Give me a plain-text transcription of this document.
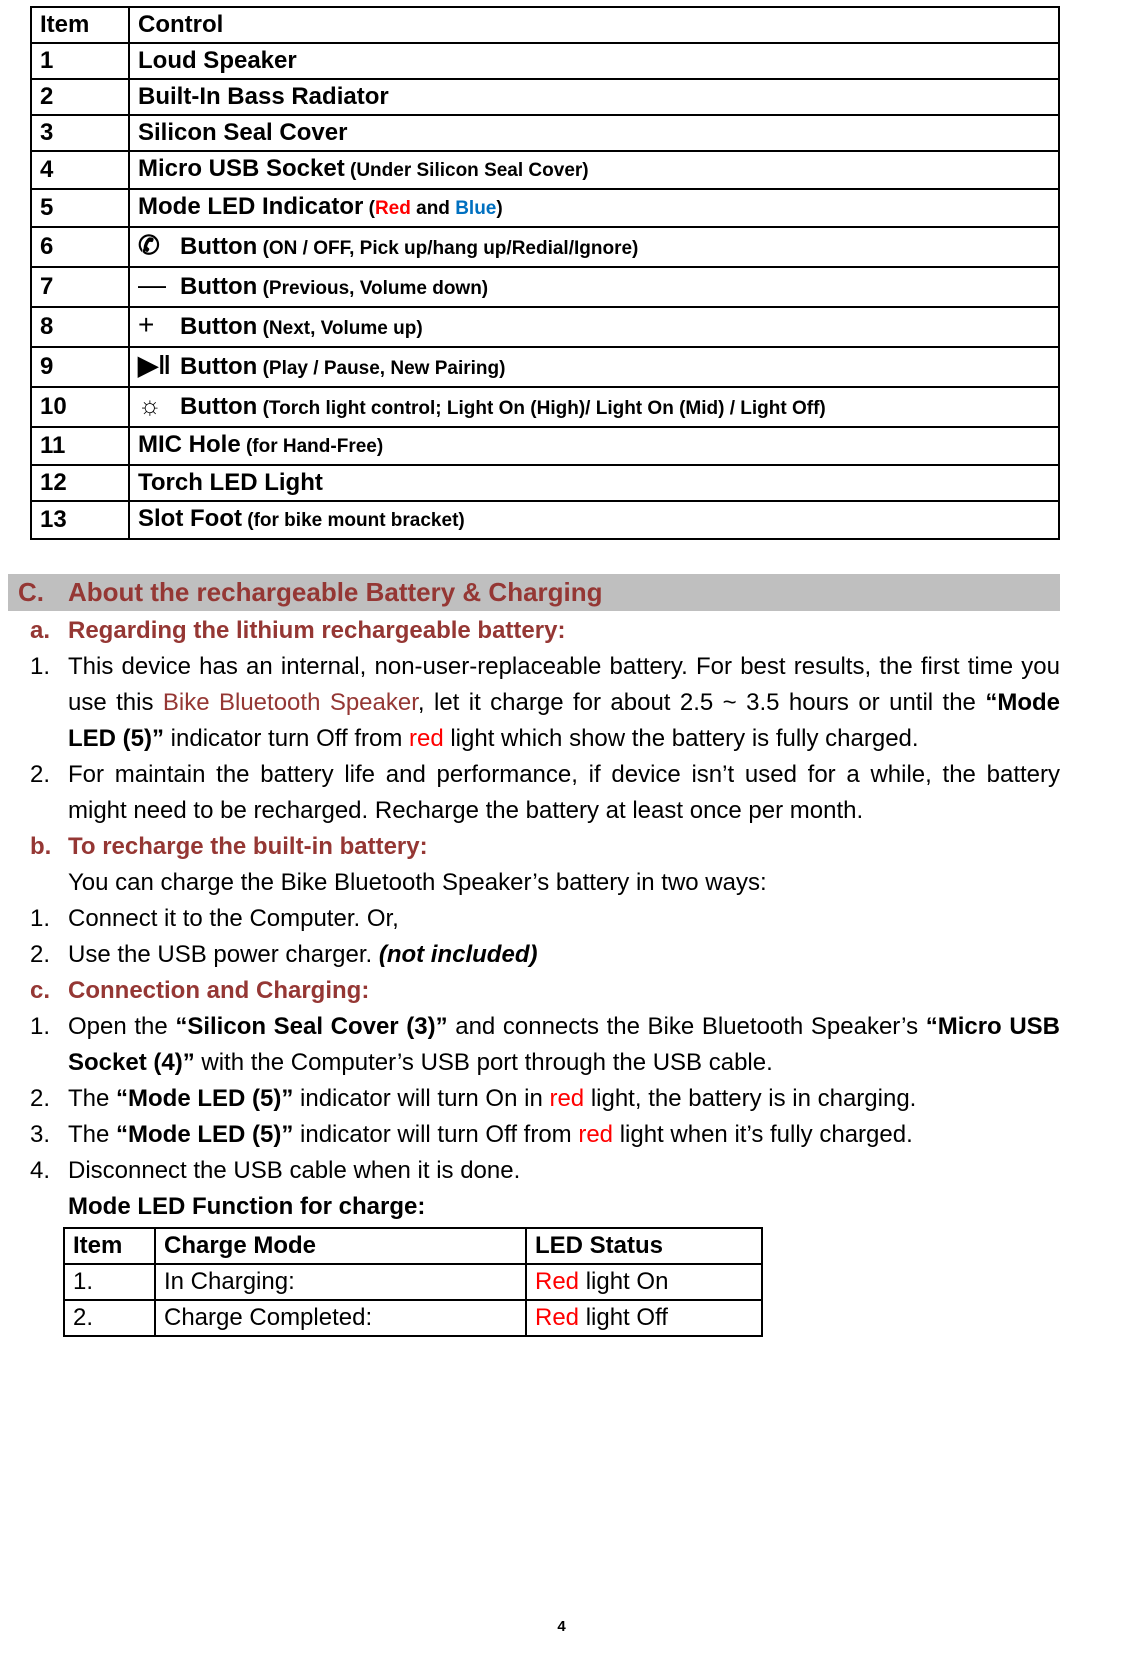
Item	Control
1	Loud Speaker
2	Built-In Bass Radiator
3	Silicon Seal Cover
4	Micro USB Socket (Under Silicon Seal Cover)
5	Mode LED Indicator (Red and Blue)
6	✆ Button (ON / OFF, Pick up/hang up/Redial/Ignore)
7	— Button (Previous, Volume down)
8	+ Button (Next, Volume up)
9	▶‖ Button (Play / Pause, New Pairing)
10	☼ Button (Torch light control; Light On (High)/ Light On (Mid) / Light Off)
11	MIC Hole (for Hand-Free)
12	Torch LED Light
13	Slot Foot (for bike mount bracket)
C. About the rechargeable Battery & Charging
a. Regarding the lithium rechargeable battery:
1. This device has an internal, non-user-replaceable battery. For best results, the first time you use this Bike Bluetooth Speaker, let it charge for about 2.5 ~ 3.5 hours or until the “Mode LED (5)” indicator turn Off from red light which show the battery is fully charged.
2. For maintain the battery life and performance, if device isn’t used for a while, the battery might need to be recharged. Recharge the battery at least once per month.
b. To recharge the built-in battery:
You can charge the Bike Bluetooth Speaker’s battery in two ways:
1. Connect it to the Computer. Or,
2. Use the USB power charger. (not included)
c. Connection and Charging:
1. Open the “Silicon Seal Cover (3)” and connects the Bike Bluetooth Speaker’s “Micro USB Socket (4)” with the Computer’s USB port through the USB cable.
2. The “Mode LED (5)” indicator will turn On in red light, the battery is in charging.
3. The “Mode LED (5)” indicator will turn Off from red light when it’s fully charged.
4. Disconnect the USB cable when it is done.
Mode LED Function for charge:
Item	Charge Mode	LED Status
1.	In Charging:	Red light On
2.	Charge Completed:	Red light Off
4
